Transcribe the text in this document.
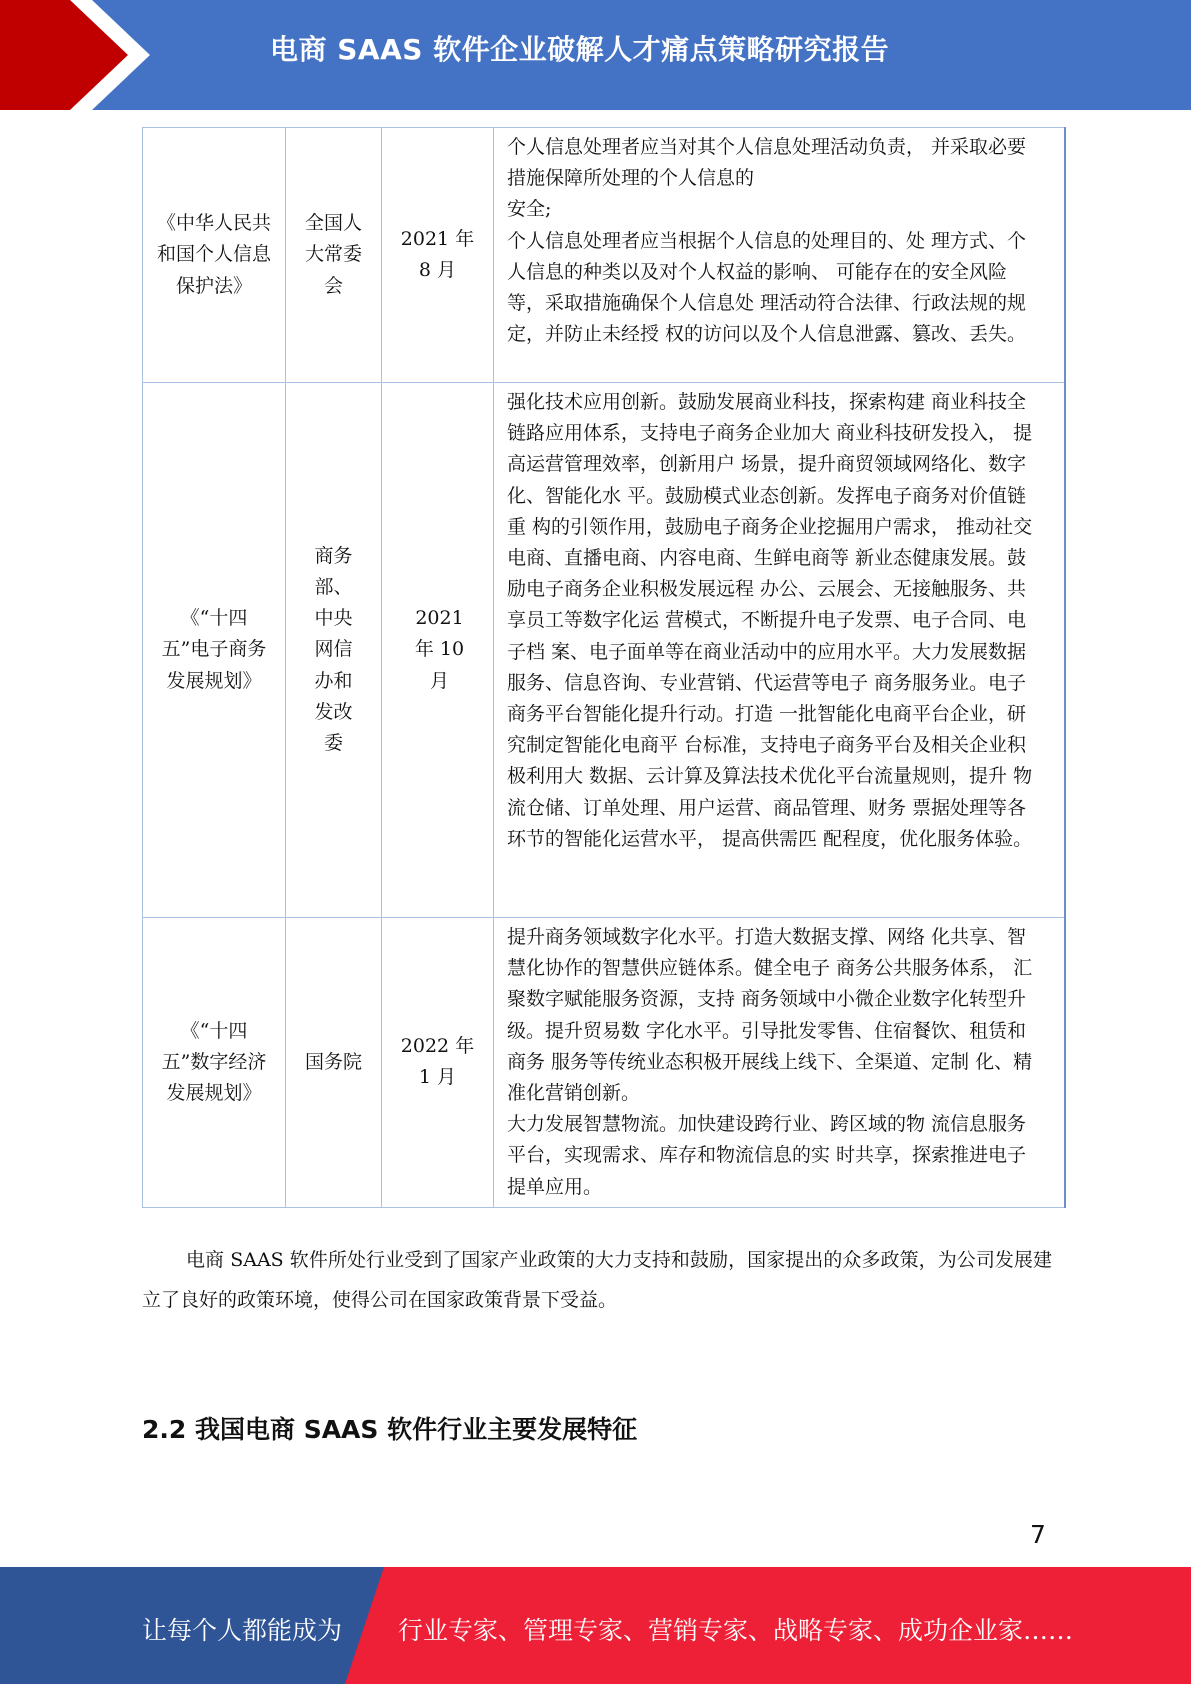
电商 SAAS 软件企业破解人才痛点策略研究报告
《中华人民共和国个人信息保护法》	全国人大常委会	2021 年 8 月	个人信息处理者应当对其个人信息处理活动负责， 并采取必要措施保障所处理的个人信息的
安全;
个人信息处理者应当根据个人信息的处理目的、处 理方式、个人信息的种类以及对个人权益的影响、 可能存在的安全风险等，采取措施确保个人信息处 理活动符合法律、行政法规的规定，并防止未经授 权的访问以及个人信息泄露、篡改、丢失。

《“十四五”电子商务发展规划》	商务部、中央网信办和发改委	2021 年 10 月	强化技术应用创新。鼓励发展商业科技，探索构建 商业科技全链路应用体系，支持电子商务企业加大 商业科技研发投入， 提高运营管理效率，创新用户 场景，提升商贸领域网络化、数字化、智能化水 平。鼓励模式业态创新。发挥电子商务对价值链重 构的引领作用，鼓励电子商务企业挖掘用户需求， 推动社交电商、直播电商、内容电商、生鲜电商等 新业态健康发展。鼓励电子商务企业积极发展远程 办公、云展会、无接触服务、共享员工等数字化运 营模式，不断提升电子发票、电子合同、电子档 案、电子面单等在商业活动中的应用水平。大力发展数据服务、信息咨询、专业营销、代运营等电子 商务服务业。电子商务平台智能化提升行动。打造 一批智能化电商平台企业，研究制定智能化电商平 台标准，支持电子商务平台及相关企业积极利用大 数据、云计算及算法技术优化平台流量规则，提升 物流仓储、订单处理、用户运营、商品管理、财务 票据处理等各环节的智能化运营水平， 提高供需匹 配程度，优化服务体验。

《“十四五”数字经济发展规划》	国务院	2022 年 1 月	提升商务领域数字化水平。打造大数据支撑、网络 化共享、智慧化协作的智慧供应链体系。健全电子 商务公共服务体系， 汇聚数字赋能服务资源，支持 商务领域中小微企业数字化转型升级。提升贸易数 字化水平。引导批发零售、住宿餐饮、租赁和商务 服务等传统业态积极开展线上线下、全渠道、定制 化、精准化营销创新。
大力发展智慧物流。加快建设跨行业、跨区域的物 流信息服务平台，实现需求、库存和物流信息的实 时共享，探索推进电子提单应用。

电商 SAAS 软件所处行业受到了国家产业政策的大力支持和鼓励，国家提出的众多政策，为公司发展建立了良好的政策环境，使得公司在国家政策背景下受益。

2.2 我国电商 SAAS 软件行业主要发展特征
7
让每个人都能成为 行业专家、管理专家、营销专家、战略专家、成功企业家……
